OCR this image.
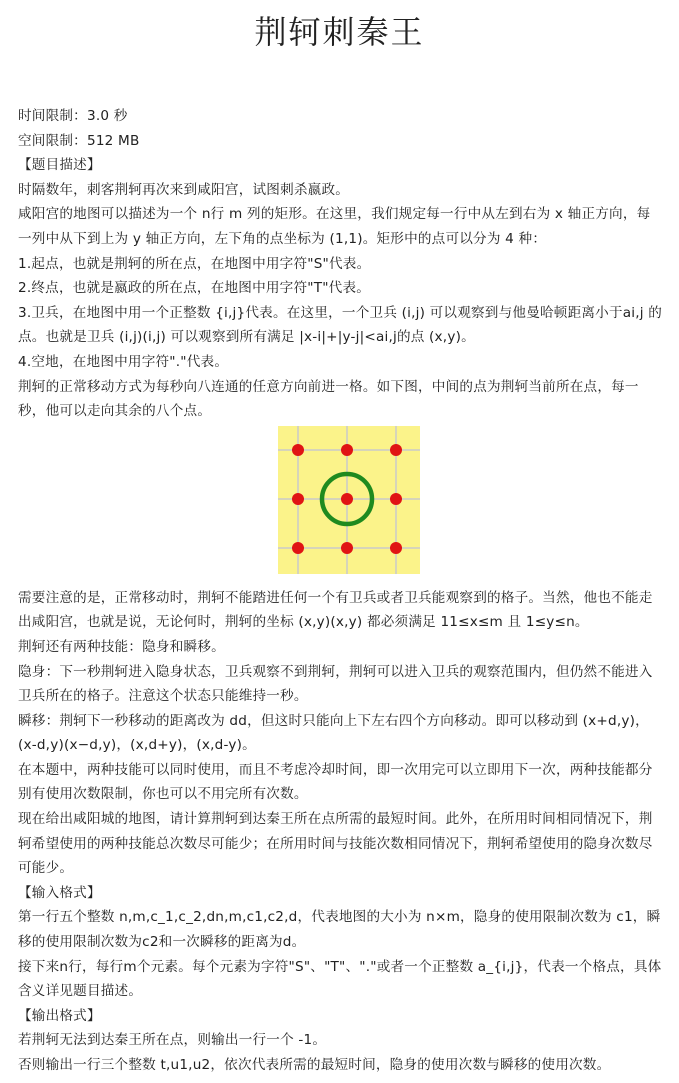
荆轲刺秦王

时间限制：3.0 秒

空间限制：512 MB

【题目描述】

时隔数年，刺客荆轲再次来到咸阳宫，试图刺杀嬴政。

咸阳宫的地图可以描述为一个 n行 m 列的矩形。在这里，我们规定每一行中从左到右为 x 轴正方向，每一列中从下到上为 y 轴正方向，左下角的点坐标为 (1,1)。矩形中的点可以分为 4 种：

1.起点，也就是荆轲的所在点，在地图中用字符"S"代表。

2.终点，也就是嬴政的所在点，在地图中用字符"T"代表。

3.卫兵，在地图中用一个正整数 {i,j}代表。在这里，一个卫兵 (i,j) 可以观察到与他曼哈顿距离小于ai,j 的点。也就是卫兵 (i,j)(i,j) 可以观察到所有满足 |x-i|+|y-j|<ai,j的点 (x,y)。

4.空地，在地图中用字符"."代表。

荆轲的正常移动方式为每秒向八连通的任意方向前进一格。如下图，中间的点为荆轲当前所在点，每一秒，他可以走向其余的八个点。

需要注意的是，正常移动时，荆轲不能踏进任何一个有卫兵或者卫兵能观察到的格子。当然，他也不能走出咸阳宫，也就是说，无论何时，荆轲的坐标 (x,y)(x,y) 都必须满足 11≤x≤m 且 1≤y≤n。

荆轲还有两种技能：隐身和瞬移。

隐身：下一秒荆轲进入隐身状态，卫兵观察不到荆轲，荆轲可以进入卫兵的观察范围内，但仍然不能进入卫兵所在的格子。注意这个状态只能维持一秒。

瞬移：荆轲下一秒移动的距离改为 dd，但这时只能向上下左右四个方向移动。即可以移动到 (x+d,y)，(x-d,y)(x−d,y)，(x,d+y)，(x,d-y)。

在本题中，两种技能可以同时使用，而且不考虑冷却时间，即一次用完可以立即用下一次，两种技能都分别有使用次数限制，你也可以不用完所有次数。

现在给出咸阳城的地图，请计算荆轲到达秦王所在点所需的最短时间。此外，在所用时间相同情况下，荆轲希望使用的两种技能总次数尽可能少；在所用时间与技能次数相同情况下，荆轲希望使用的隐身次数尽可能少。

【输入格式】

第一行五个整数 n,m,c_1,c_2,dn,m,c1,c2,d，代表地图的大小为 n×m，隐身的使用限制次数为 c1，瞬移的使用限制次数为c2和一次瞬移的距离为d。

接下来n行，每行m个元素。每个元素为字符"S"、"T"、"."或者一个正整数 a_{i,j}，代表一个格点，具体含义详见题目描述。

【输出格式】

若荆轲无法到达秦王所在点，则输出一行一个 -1。

否则输出一行三个整数 t,u1,u2，依次代表所需的最短时间，隐身的使用次数与瞬移的使用次数。
